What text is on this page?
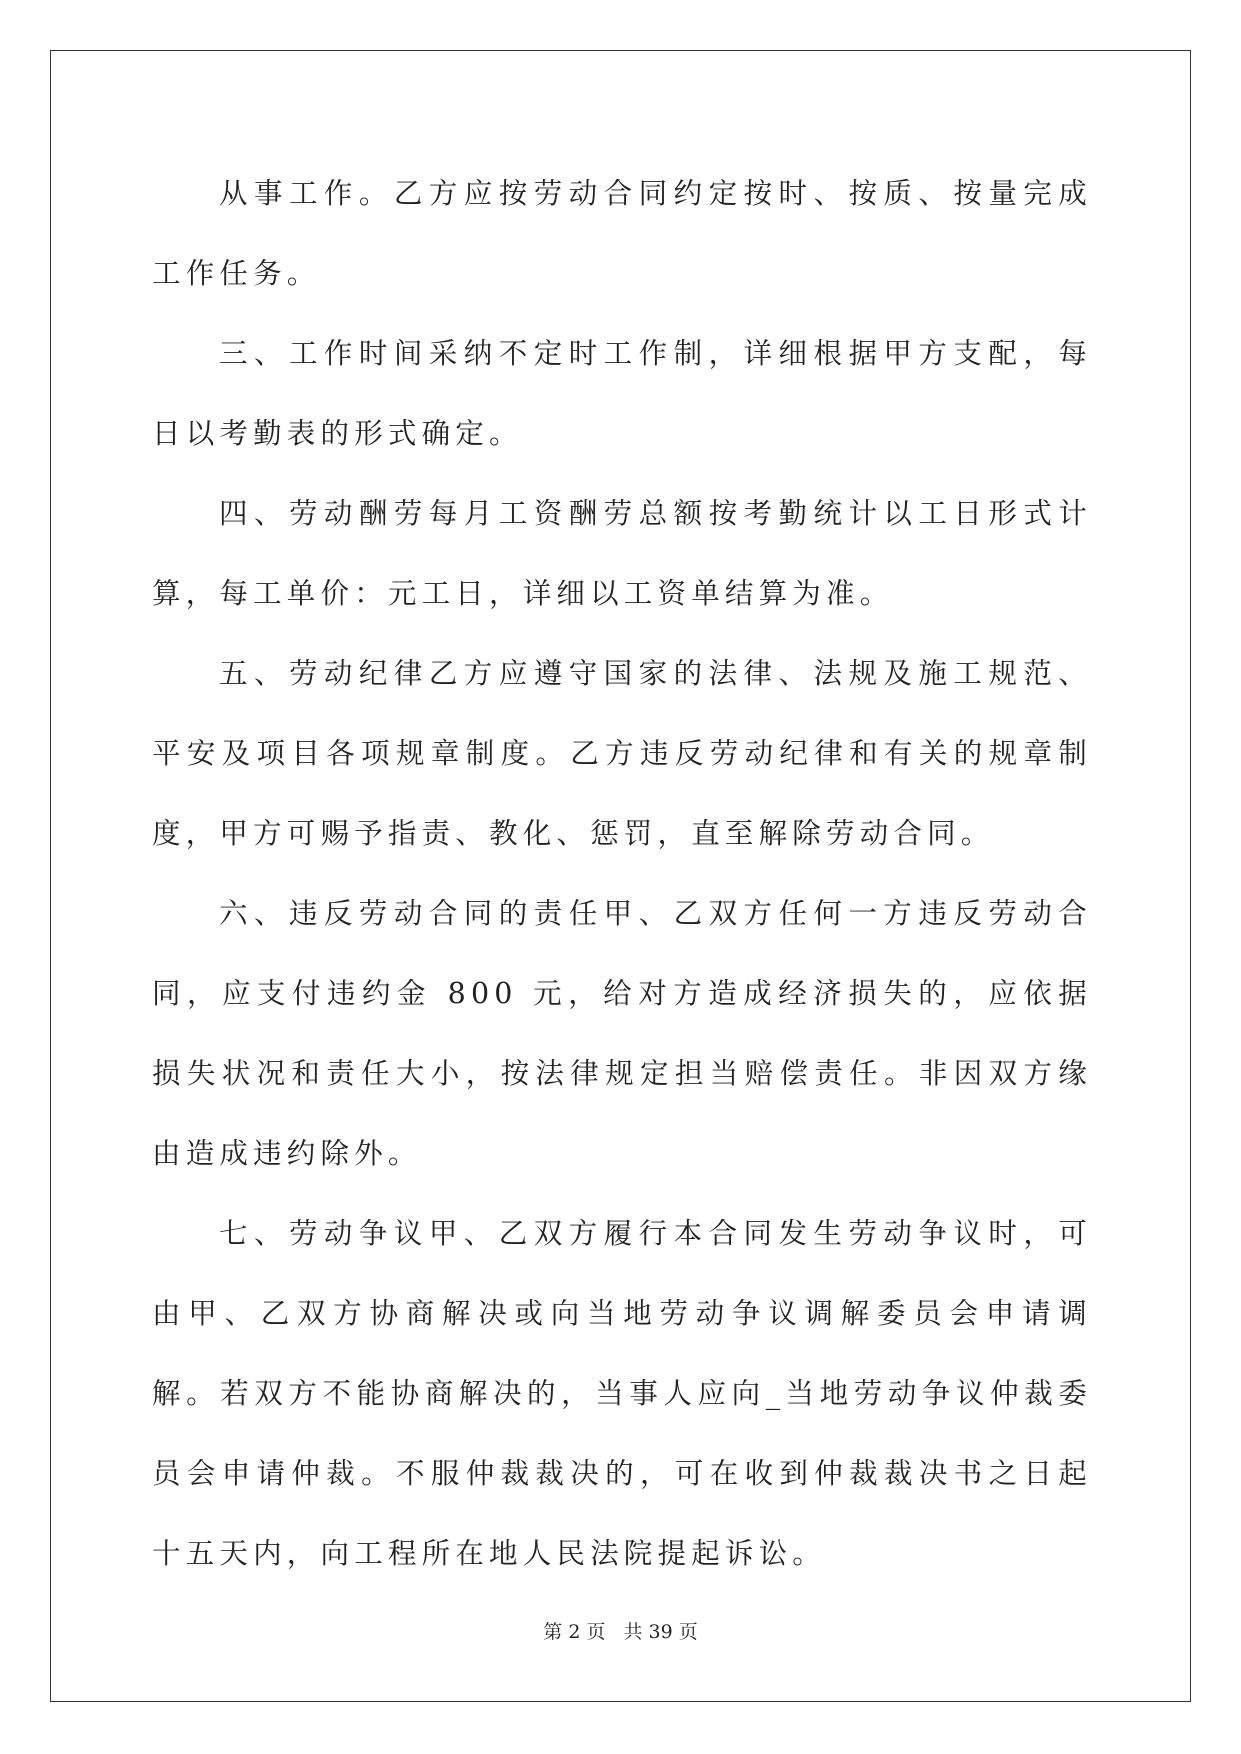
从事工作。乙方应按劳动合同约定按时、按质、按量完成工作任务。

三、工作时间采纳不定时工作制，详细根据甲方支配，每日以考勤表的形式确定。

四、劳动酬劳每月工资酬劳总额按考勤统计以工日形式计算，每工单价：元工日，详细以工资单结算为准。

五、劳动纪律乙方应遵守国家的法律、法规及施工规范、平安及项目各项规章制度。乙方违反劳动纪律和有关的规章制度，甲方可赐予指责、教化、惩罚，直至解除劳动合同。

六、违反劳动合同的责任甲、乙双方任何一方违反劳动合同，应支付违约金 800 元，给对方造成经济损失的，应依据损失状况和责任大小，按法律规定担当赔偿责任。非因双方缘由造成违约除外。

七、劳动争议甲、乙双方履行本合同发生劳动争议时，可由甲、乙双方协商解决或向当地劳动争议调解委员会申请调解。若双方不能协商解决的，当事人应向_当地劳动争议仲裁委员会申请仲裁。不服仲裁裁决的，可在收到仲裁裁决书之日起十五天内，向工程所在地人民法院提起诉讼。

第 2 页 共 39 页
